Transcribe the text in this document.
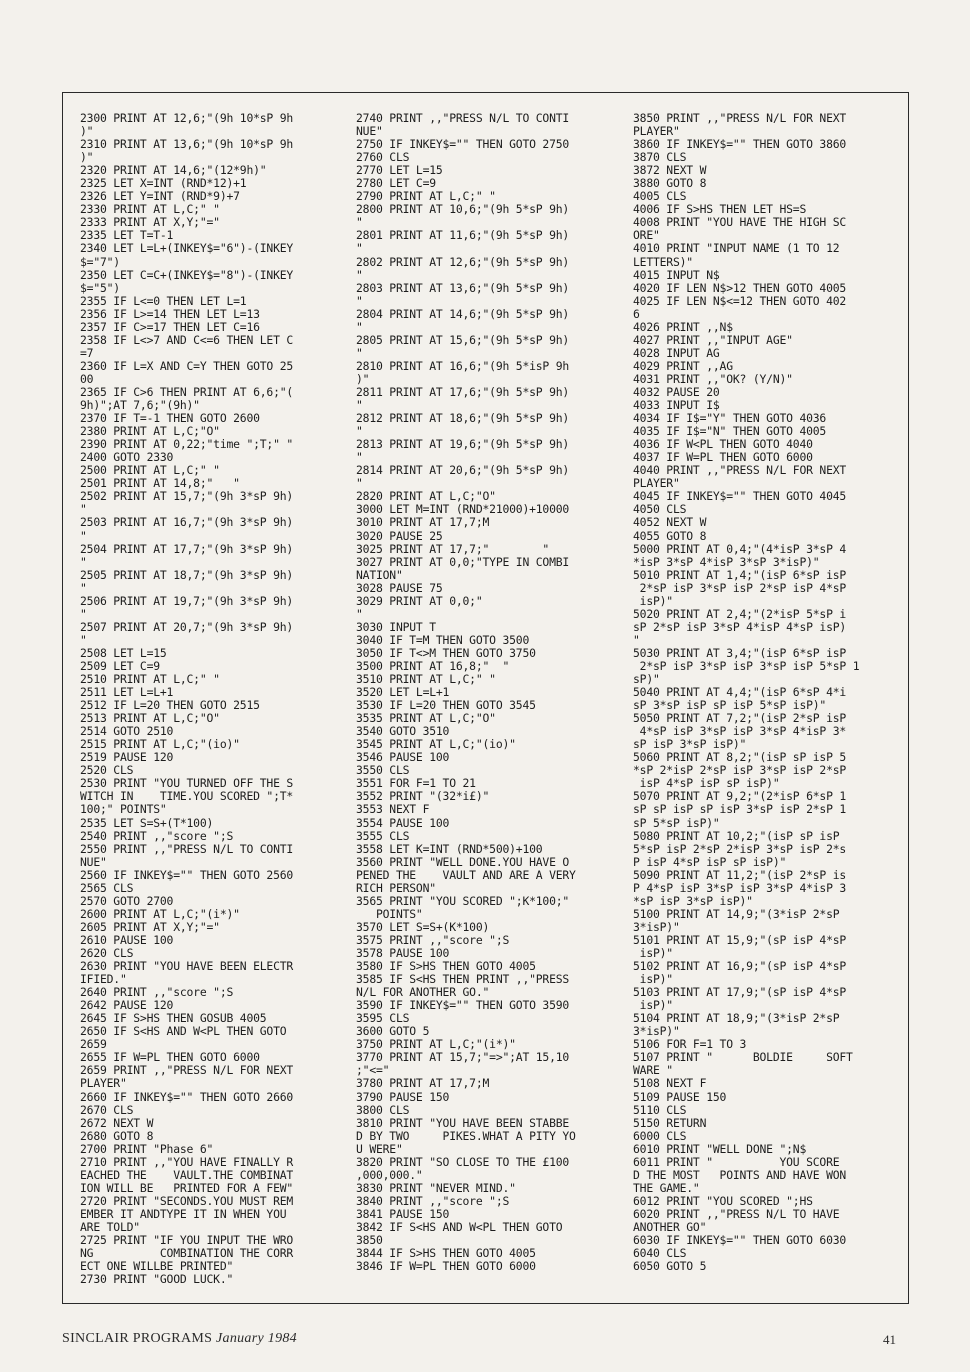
2300 PRINT AT 12,6;"(9h 10*sP 9h
)"
2310 PRINT AT 13,6;"(9h 10*sP 9h
)"
2320 PRINT AT 14,6;"(12*9h)"
2325 LET X=INT (RND*12)+1
2326 LET Y=INT (RND*9)+7
2330 PRINT AT L,C;" "
2333 PRINT AT X,Y;"="
2335 LET T=T-1
2340 LET L=L+(INKEY$="6")-(INKEY
$="7")
2350 LET C=C+(INKEY$="8")-(INKEY
$="5")
2355 IF L<=0 THEN LET L=1
2356 IF L>=14 THEN LET L=13
2357 IF C>=17 THEN LET C=16
2358 IF L<>7 AND C<=6 THEN LET C
=7
2360 IF L=X AND C=Y THEN GOTO 25
00
2365 IF C>6 THEN PRINT AT 6,6;"(
9h)";AT 7,6;"(9h)"
2370 IF T=-1 THEN GOTO 2600
2380 PRINT AT L,C;"O"
2390 PRINT AT 0,22;"time ";T;" "
2400 GOTO 2330
2500 PRINT AT L,C;" "
2501 PRINT AT 14,8;"   "
2502 PRINT AT 15,7;"(9h 3*sP 9h)
"
2503 PRINT AT 16,7;"(9h 3*sP 9h)
"
2504 PRINT AT 17,7;"(9h 3*sP 9h)
"
2505 PRINT AT 18,7;"(9h 3*sP 9h)
"
2506 PRINT AT 19,7;"(9h 3*sP 9h)
"
2507 PRINT AT 20,7;"(9h 3*sP 9h)
"
2508 LET L=15
2509 LET C=9
2510 PRINT AT L,C;" "
2511 LET L=L+1
2512 IF L=20 THEN GOTO 2515
2513 PRINT AT L,C;"O"
2514 GOTO 2510
2515 PRINT AT L,C;"(io)"
2519 PAUSE 120
2520 CLS
2530 PRINT "YOU TURNED OFF THE S
WITCH IN    TIME.YOU SCORED ";T*
100;" POINTS"
2535 LET S=S+(T*100)
2540 PRINT ,,"score ";S
2550 PRINT ,,"PRESS N/L TO CONTI
NUE"
2560 IF INKEY$="" THEN GOTO 2560
2565 CLS
2570 GOTO 2700
2600 PRINT AT L,C;"(i*)"
2605 PRINT AT X,Y;"="
2610 PAUSE 100
2620 CLS
2630 PRINT "YOU HAVE BEEN ELECTR
IFIED."
2640 PRINT ,,"score ";S
2642 PAUSE 120
2645 IF S>HS THEN GOSUB 4005
2650 IF S<HS AND W<PL THEN GOTO
2659
2655 IF W=PL THEN GOTO 6000
2659 PRINT ,,"PRESS N/L FOR NEXT
PLAYER"
2660 IF INKEY$="" THEN GOTO 2660
2670 CLS
2672 NEXT W
2680 GOTO 8
2700 PRINT "Phase 6"
2710 PRINT ,,"YOU HAVE FINALLY R
EACHED THE    VAULT.THE COMBINAT
ION WILL BE   PRINTED FOR A FEW"
2720 PRINT "SECONDS.YOU MUST REM
EMBER IT ANDTYPE IT IN WHEN YOU
ARE TOLD"
2725 PRINT "IF YOU INPUT THE WRO
NG          COMBINATION THE CORR
ECT ONE WILLBE PRINTED"
2730 PRINT "GOOD LUCK."
2740 PRINT ,,"PRESS N/L TO CONTI
NUE"
2750 IF INKEY$="" THEN GOTO 2750
2760 CLS
2770 LET L=15
2780 LET C=9
2790 PRINT AT L,C;" "
2800 PRINT AT 10,6;"(9h 5*sP 9h)
"
2801 PRINT AT 11,6;"(9h 5*sP 9h)
"
2802 PRINT AT 12,6;"(9h 5*sP 9h)
"
2803 PRINT AT 13,6;"(9h 5*sP 9h)
"
2804 PRINT AT 14,6;"(9h 5*sP 9h)
"
2805 PRINT AT 15,6;"(9h 5*sP 9h)
"
2810 PRINT AT 16,6;"(9h 5*isP 9h
)"
2811 PRINT AT 17,6;"(9h 5*sP 9h)
"
2812 PRINT AT 18,6;"(9h 5*sP 9h)
"
2813 PRINT AT 19,6;"(9h 5*sP 9h)
"
2814 PRINT AT 20,6;"(9h 5*sP 9h)
"
2820 PRINT AT L,C;"O"
3000 LET M=INT (RND*21000)+10000
3010 PRINT AT 17,7;M
3020 PAUSE 25
3025 PRINT AT 17,7;"        "
3027 PRINT AT 0,0;"TYPE IN COMBI
NATION"
3028 PAUSE 75
3029 PRINT AT 0,0;"
"
3030 INPUT T
3040 IF T=M THEN GOTO 3500
3050 IF T<>M THEN GOTO 3750
3500 PRINT AT 16,8;"  "
3510 PRINT AT L,C;" "
3520 LET L=L+1
3530 IF L=20 THEN GOTO 3545
3535 PRINT AT L,C;"O"
3540 GOTO 3510
3545 PRINT AT L,C;"(io)"
3546 PAUSE 100
3550 CLS
3551 FOR F=1 TO 21
3552 PRINT "(32*i£)"
3553 NEXT F
3554 PAUSE 100
3555 CLS
3558 LET K=INT (RND*500)+100
3560 PRINT "WELL DONE.YOU HAVE O
PENED THE    VAULT AND ARE A VERY
RICH PERSON"
3565 PRINT "YOU SCORED ";K*100;"
POINTS"
3570 LET S=S+(K*100)
3575 PRINT ,,"score ";S
3578 PAUSE 100
3580 IF S>HS THEN GOTO 4005
3585 IF S<HS THEN PRINT ,,"PRESS
N/L FOR ANOTHER GO."
3590 IF INKEY$="" THEN GOTO 3590
3595 CLS
3600 GOTO 5
3750 PRINT AT L,C;"(i*)"
3770 PRINT AT 15,7;"=>";AT 15,10
;"<="
3780 PRINT AT 17,7;M
3790 PAUSE 150
3800 CLS
3810 PRINT "YOU HAVE BEEN STABBE
D BY TWO     PIKES.WHAT A PITY YO
U WERE"
3820 PRINT "SO CLOSE TO THE £100
,000,000."
3830 PRINT "NEVER MIND."
3840 PRINT ,,"score ";S
3841 PAUSE 150
3842 IF S<HS AND W<PL THEN GOTO
3850
3844 IF S>HS THEN GOTO 4005
3846 IF W=PL THEN GOTO 6000
3850 PRINT ,,"PRESS N/L FOR NEXT
PLAYER"
3860 IF INKEY$="" THEN GOTO 3860
3870 CLS
3872 NEXT W
3880 GOTO 8
4005 CLS
4006 IF S>HS THEN LET HS=S
4008 PRINT "YOU HAVE THE HIGH SC
ORE"
4010 PRINT "INPUT NAME (1 TO 12
LETTERS)"
4015 INPUT N$
4020 IF LEN N$>12 THEN GOTO 4005
4025 IF LEN N$<=12 THEN GOTO 402
6
4026 PRINT ,,N$
4027 PRINT ,,"INPUT AGE"
4028 INPUT AG
4029 PRINT ,,AG
4031 PRINT ,,"OK? (Y/N)"
4032 PAUSE 20
4033 INPUT I$
4034 IF I$="Y" THEN GOTO 4036
4035 IF I$="N" THEN GOTO 4005
4036 IF W<PL THEN GOTO 4040
4037 IF W=PL THEN GOTO 6000
4040 PRINT ,,"PRESS N/L FOR NEXT
PLAYER"
4045 IF INKEY$="" THEN GOTO 4045
4050 CLS
4052 NEXT W
4055 GOTO 8
5000 PRINT AT 0,4;"(4*isP 3*sP 4
*isP 3*sP 4*isP 3*sP 3*isP)"
5010 PRINT AT 1,4;"(isP 6*sP isP
2*sP isP 3*sP isP 2*sP isP 4*sP
isP)"
5020 PRINT AT 2,4;"(2*isP 5*sP i
sP 2*sP isP 3*sP 4*isP 4*sP isP)
"
5030 PRINT AT 3,4;"(isP 6*sP isP
2*sP isP 3*sP isP 3*sP isP 5*sP 1
sP)"
5040 PRINT AT 4,4;"(isP 6*sP 4*i
sP 3*sP isP sP isP 5*sP isP)"
5050 PRINT AT 7,2;"(isP 2*sP isP
4*sP isP 3*sP isP 3*sP 4*isP 3*
sP isP 3*sP isP)"
5060 PRINT AT 8,2;"(isP sP isP 5
*sP 2*isP 2*sP isP 3*sP isP 2*sP
isP 4*sP isP sP isP)"
5070 PRINT AT 9,2;"(2*isP 6*sP 1
sP sP isP sP isP 3*sP isP 2*sP 1
sP 5*sP isP)"
5080 PRINT AT 10,2;"(isP sP isP
5*sP isP 2*sP 2*isP 3*sP isP 2*s
P isP 4*sP isP sP isP)"
5090 PRINT AT 11,2;"(isP 2*sP is
P 4*sP isP 3*sP isP 3*sP 4*isP 3
*sP isP 3*sP isP)"
5100 PRINT AT 14,9;"(3*isP 2*sP
3*isP)"
5101 PRINT AT 15,9;"(sP isP 4*sP
isP)"
5102 PRINT AT 16,9;"(sP isP 4*sP
isP)"
5103 PRINT AT 17,9;"(sP isP 4*sP
isP)"
5104 PRINT AT 18,9;"(3*isP 2*sP
3*isP)"
5106 FOR F=1 TO 3
5107 PRINT "      BOLDIE     SOFT
WARE "
5108 NEXT F
5109 PAUSE 150
5110 CLS
5150 RETURN
6000 CLS
6010 PRINT "WELL DONE ";N$
6011 PRINT "          YOU SCORE
D THE MOST   POINTS AND HAVE WON
THE GAME."
6012 PRINT "YOU SCORED ";HS
6020 PRINT ,,"PRESS N/L TO HAVE
ANOTHER GO"
6030 IF INKEY$="" THEN GOTO 6030
6040 CLS
6050 GOTO 5
SINCLAIR PROGRAMS January 1984	41
